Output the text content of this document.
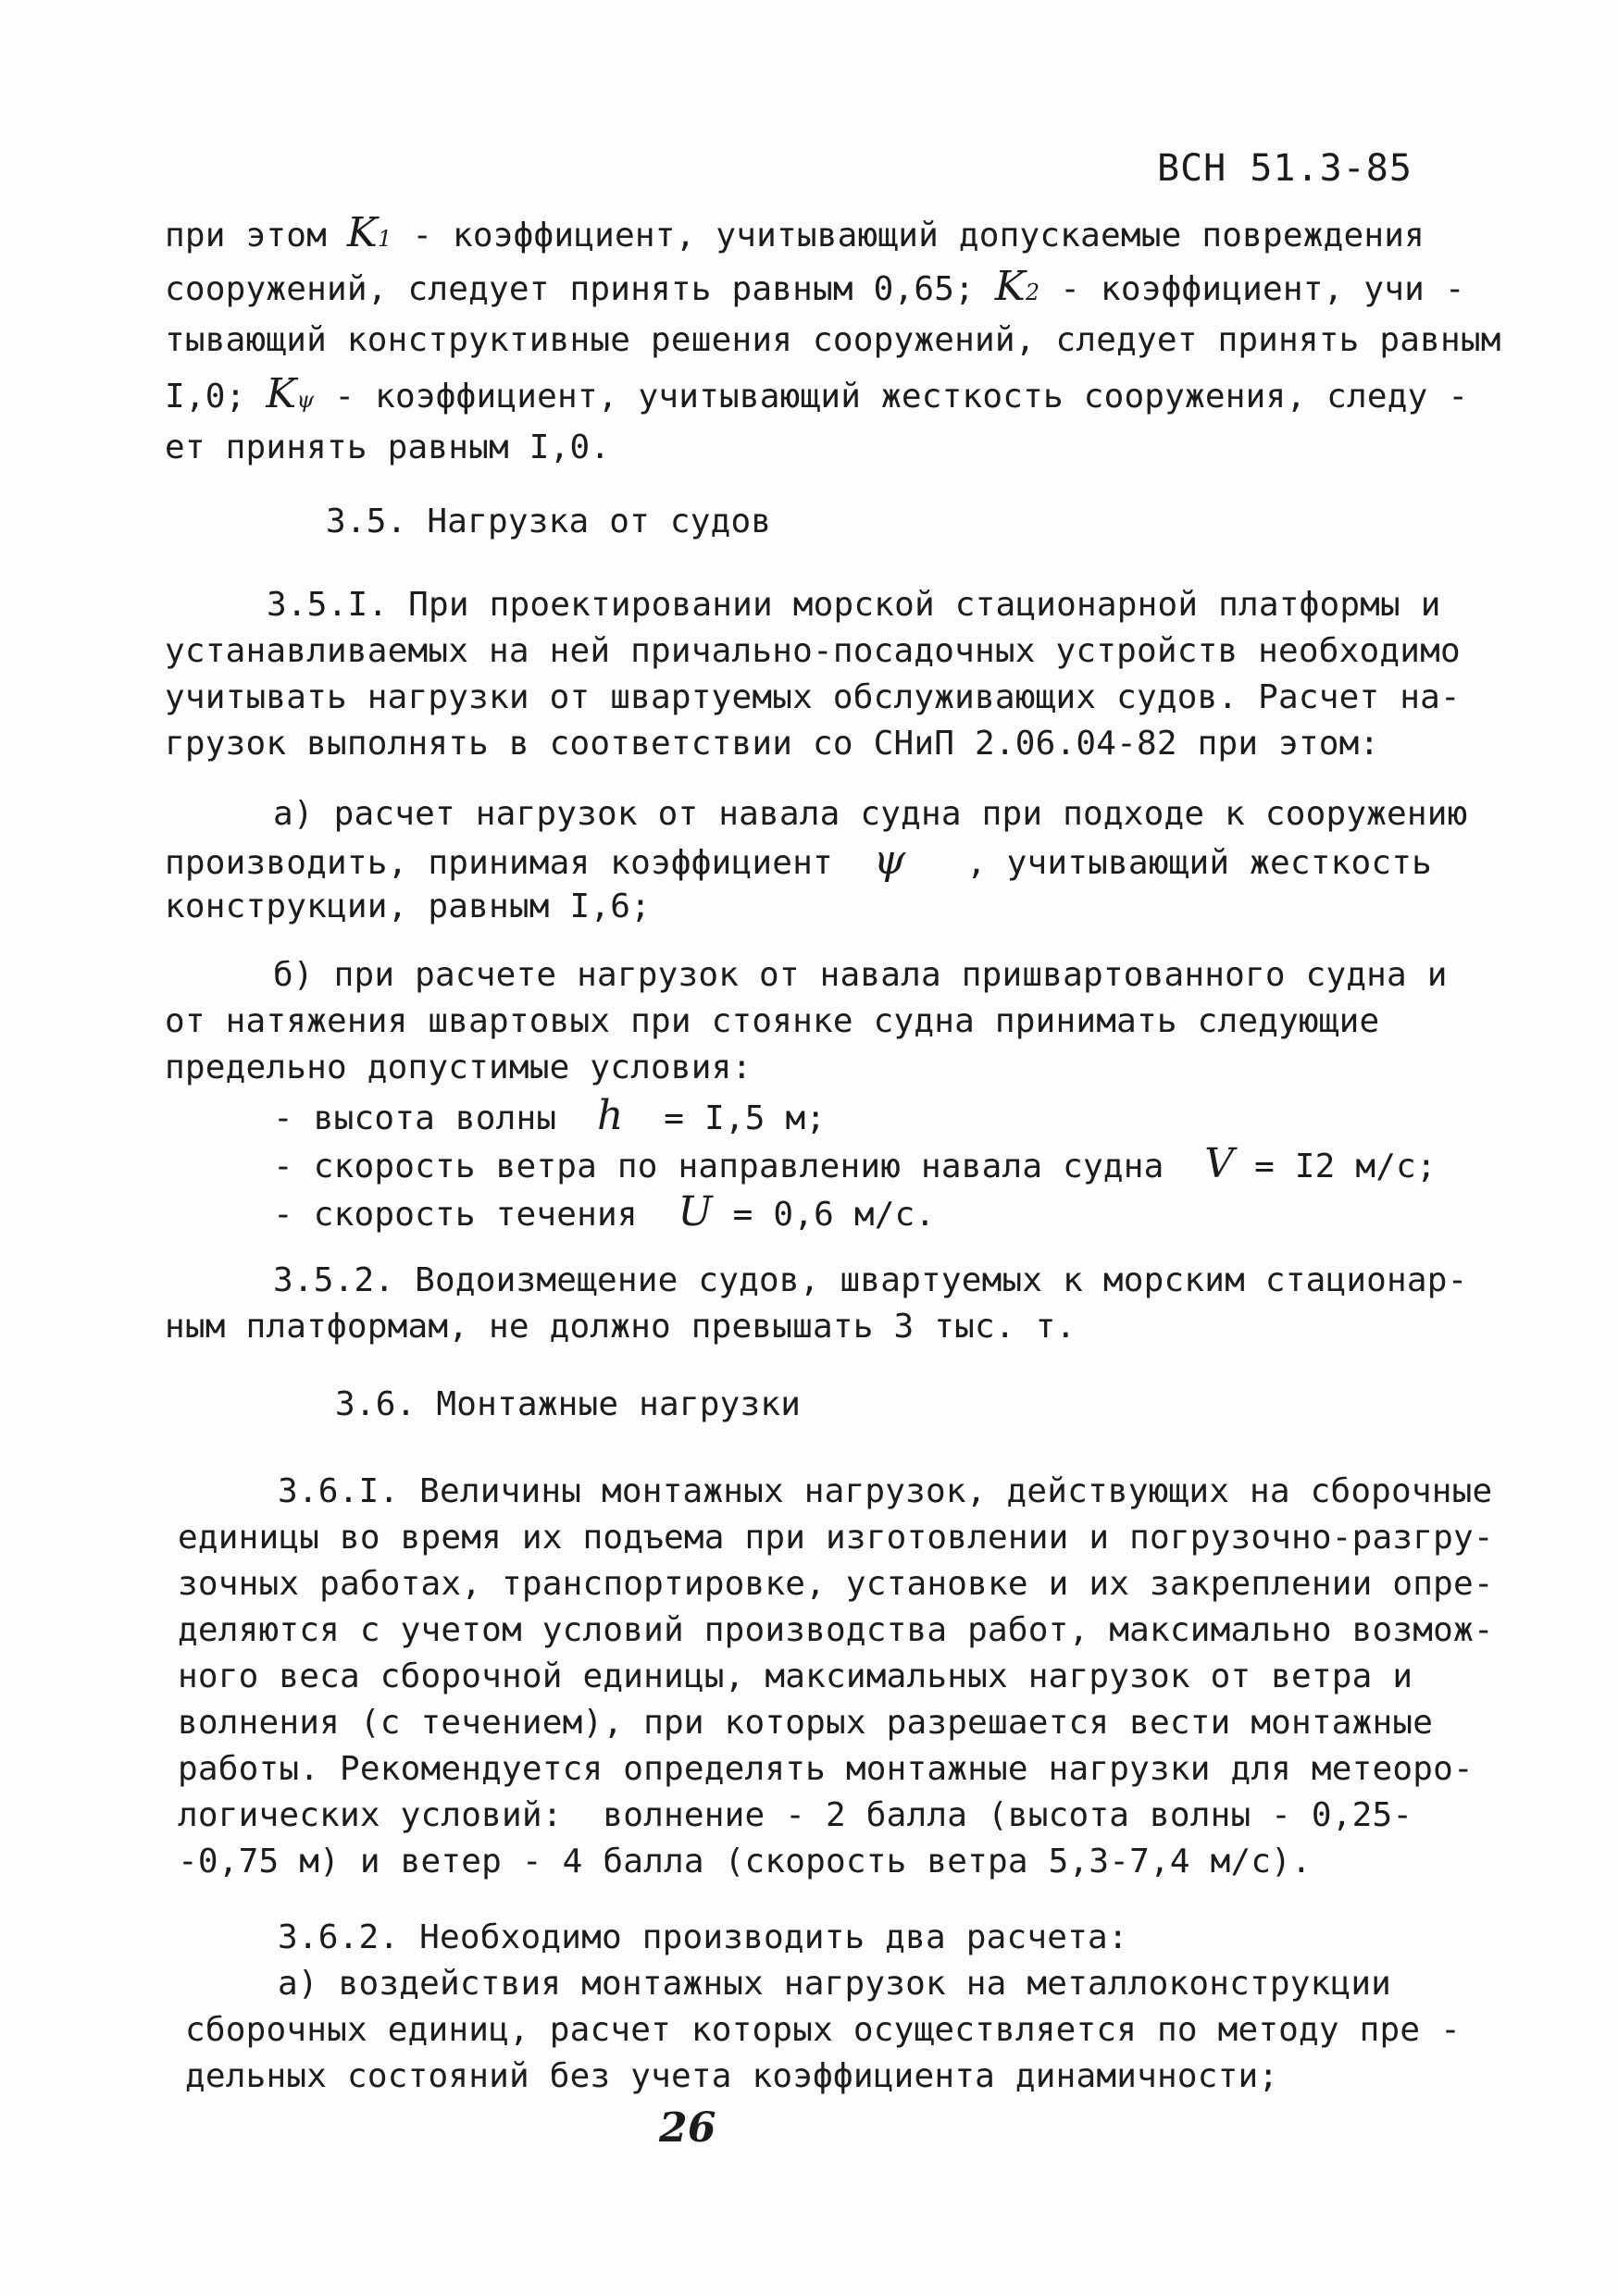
ВСН 51.3-85
при этом K1 - коэффициент, учитывающий допускаемые повреждения
сооружений, следует принять равным 0,65; K2 - коэффициент, учи -
тывающий конструктивные решения сооружений, следует принять равным
I,0; Kψ - коэффициент, учитывающий жесткость сооружения, следу -
ет принять равным I,0.
3.5. Нагрузка от судов
3.5.I. При проектировании морской стационарной платформы и
устанавливаемых на ней причально-посадочных устройств необходимо
учитывать нагрузки от швартуемых обслуживающих судов. Расчет на-
грузок выполнять в соответствии со СНиП 2.06.04-82 при этом:
а) расчет нагрузок от навала судна при подходе к сооружению
производить, принимая коэффициент ψ , учитывающий жесткость
конструкции, равным I,6;
б) при расчете нагрузок от навала пришвартованного судна и
от натяжения швартовых при стоянке судна принимать следующие
предельно допустимые условия:
- высота волны h = I,5 м;
- скорость ветра по направлению навала судна V = I2 м/с;
- скорость течения U = 0,6 м/с.
3.5.2. Водоизмещение судов, швартуемых к морским стационар-
ным платформам, не должно превышать 3 тыс. т.
3.6. Монтажные нагрузки
3.6.I. Величины монтажных нагрузок, действующих на сборочные
единицы во время их подъема при изготовлении и погрузочно-разгру-
зочных работах, транспортировке, установке и их закреплении опре-
деляются с учетом условий производства работ, максимально возмож-
ного веса сборочной единицы, максимальных нагрузок от ветра и
волнения (с течением), при которых разрешается вести монтажные
работы. Рекомендуется определять монтажные нагрузки для метеоро-
логических условий:  волнение - 2 балла (высота волны - 0,25-
-0,75 м) и ветер - 4 балла (скорость ветра 5,3-7,4 м/с).
3.6.2. Необходимо производить два расчета:
а) воздействия монтажных нагрузок на металлоконструкции
сборочных единиц, расчет которых осуществляется по методу пре -
дельных состояний без учета коэффициента динамичности;
26
